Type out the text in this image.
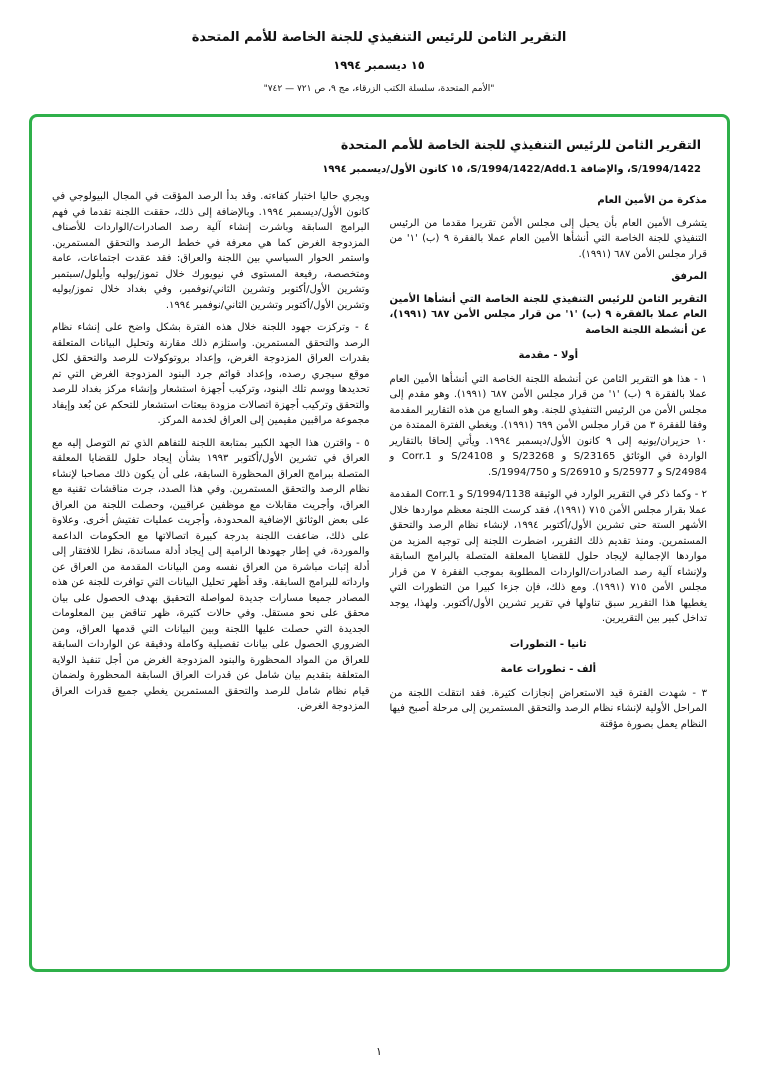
التقرير الثامن للرئيس التنفيذي للجنة الخاصة للأمم المتحدة
١٥ ديسمبر ١٩٩٤
"الأمم المتحدة، سلسلة الكتب الزرقاء، مج ٩، ص ٧٢١ — ٧٤٢"
التقرير الثامن للرئيس التنفيذي للجنة الخاصة للأمم المتحدة
S/1994/1422، والإضافة S/1994/1422/Add.1، ١٥ كانون الأول/ديسمبر ١٩٩٤
مذكرة من الأمين العام
يتشرف الأمين العام بأن يحيل إلى مجلس الأمن تقريرا مقدما من الرئيس التنفيذي للجنة الخاصة التي أنشأها الأمين العام عملا بالفقرة ٩ (ب) '١' من قرار مجلس الأمن ٦٨٧ (١٩٩١).
المرفق
التقرير الثامن للرئيس التنفيذي للجنة الخاصة التي أنشأها الأمين العام عملا بالفقرة ٩ (ب) '١' من قرار مجلس الأمن ٦٨٧ (١٩٩١)، عن أنشطة اللجنة الخاصة
أولا - مقدمة
١ - هذا هو التقرير الثامن عن أنشطة اللجنة الخاصة التي أنشأها الأمين العام عملا بالفقرة ٩ (ب) '١' من قرار مجلس الأمن ٦٨٧ (١٩٩١). وهو مقدم إلى مجلس الأمن من الرئيس التنفيذي للجنة. وهو السابع من هذه التقارير المقدمة وفقا للفقرة ٣ من قرار مجلس الأمن ٦٩٩ (١٩٩١). ويغطي الفترة الممتدة من ١٠ حزيران/يونيه إلى ٩ كانون الأول/ديسمبر ١٩٩٤. ويأتي إلحاقا بالتقارير الواردة في الوثائق S/23165 و S/23268 و S/24108 و Corr.1 و S/24984 و S/25977 و S/26910 و S/1994/750.
٢ - وكما ذكر في التقرير الوارد في الوثيقة S/1994/1138 و Corr.1 المقدمة عملا بقرار مجلس الأمن ٧١٥ (١٩٩١)، فقد كرست اللجنة معظم مواردها خلال الأشهر الستة حتى تشرين الأول/أكتوبر ١٩٩٤، لإنشاء نظام الرصد والتحقق المستمرين. ومنذ تقديم ذلك التقرير، اضطرت اللجنة إلى توجيه المزيد من مواردها الإجمالية لإيجاد حلول للقضايا المعلقة المتصلة بالبرامج السابقة ولإنشاء آلية رصد الصادرات/الواردات المطلوبة بموجب الفقرة ٧ من قرار مجلس الأمن ٧١٥ (١٩٩١). ومع ذلك، فإن جزءا كبيرا من التطورات التي يغطيها هذا التقرير سبق تناولها في تقرير تشرين الأول/أكتوبر. ولهذا، يوجد تداخل كبير بين التقريرين.
ثانيا - التطورات
ألف - تطورات عامة
٣ - شهدت الفترة قيد الاستعراض إنجازات كثيرة. فقد انتقلت اللجنة من المراحل الأولية لإنشاء نظام الرصد والتحقق المستمرين إلى مرحلة أصبح فيها النظام يعمل بصورة مؤقتة
ويجري حاليا اختبار كفاءته. وقد بدأ الرصد المؤقت في المجال البيولوجي في كانون الأول/ديسمبر ١٩٩٤. وبالإضافة إلى ذلك، حققت اللجنة تقدما في فهم البرامج السابقة وباشرت إنشاء آلية رصد الصادرات/الواردات للأصناف المزدوجة الغرض كما هي معرفة في خطط الرصد والتحقق المستمرين. واستمر الحوار السياسي بين اللجنة والعراق: فقد عقدت اجتماعات، عامة ومتخصصة، رفيعة المستوى في نيويورك خلال تموز/يوليه وأيلول/سبتمبر وتشرين الأول/أكتوبر وتشرين الثاني/نوفمبر، وفي بغداد خلال تموز/يوليه وتشرين الأول/أكتوبر وتشرين الثاني/نوفمبر ١٩٩٤.
٤ - وتركزت جهود اللجنة خلال هذه الفترة بشكل واضح على إنشاء نظام الرصد والتحقق المستمرين. واستلزم ذلك مقارنة وتحليل البيانات المتعلقة بقدرات العراق المزدوجة الغرض، وإعداد بروتوكولات للرصد والتحقق لكل موقع سيجري رصده، وإعداد قوائم جرد البنود المزدوجة الغرض التي تم تحديدها ووسم تلك البنود، وتركيب أجهزة استشعار وإنشاء مركز بغداد للرصد والتحقق وتركيب أجهزة اتصالات مزودة ببعثات استشعار للتحكم عن بُعد وإيفاد مجموعة مراقبين مقيمين إلى العراق لخدمة المركز.
٥ - واقترن هذا الجهد الكبير بمتابعة اللجنة للتفاهم الذي تم التوصل إليه مع العراق في تشرين الأول/أكتوبر ١٩٩٣ بشأن إيجاد حلول للقضايا المعلقة المتصلة ببرامج العراق المحظورة السابقة، على أن يكون ذلك مصاحبا لإنشاء نظام الرصد والتحقق المستمرين. وفي هذا الصدد، جرت مناقشات تقنية مع العراق، وأجريت مقابلات مع موظفين عراقيين، وحصلت اللجنة من العراق على بعض الوثائق الإضافية المحدودة، وأجريت عمليات تفتيش أخرى. وعلاوة على ذلك، ضاعفت اللجنة بدرجة كبيرة اتصالاتها مع الحكومات الداعمة والموردة، في إطار جهودها الرامية إلى إيجاد أدلة مساندة، نظرا للافتقار إلى أدلة إثبات مباشرة من العراق نفسه ومن البيانات المقدمة من العراق عن وارداته للبرامج السابقة. وقد أظهر تحليل البيانات التي توافرت للجنة عن هذه المصادر جميعا مسارات جديدة لمواصلة التحقيق بهدف الحصول على بيان محقق على نحو مستقل. وفي حالات كثيرة، ظهر تناقض بين المعلومات الجديدة التي حصلت عليها اللجنة وبين البيانات التي قدمها العراق، ومن الضروري الحصول على بيانات تفصيلية وكاملة ودقيقة عن الواردات السابقة للعراق من المواد المحظورة والبنود المزدوجة الغرض من أجل تنفيذ الولاية المتعلقة بتقديم بيان شامل عن قدرات العراق السابقة المحظورة ولضمان قيام نظام شامل للرصد والتحقق المستمرين يغطي جميع قدرات العراق المزدوجة الغرض.
١
